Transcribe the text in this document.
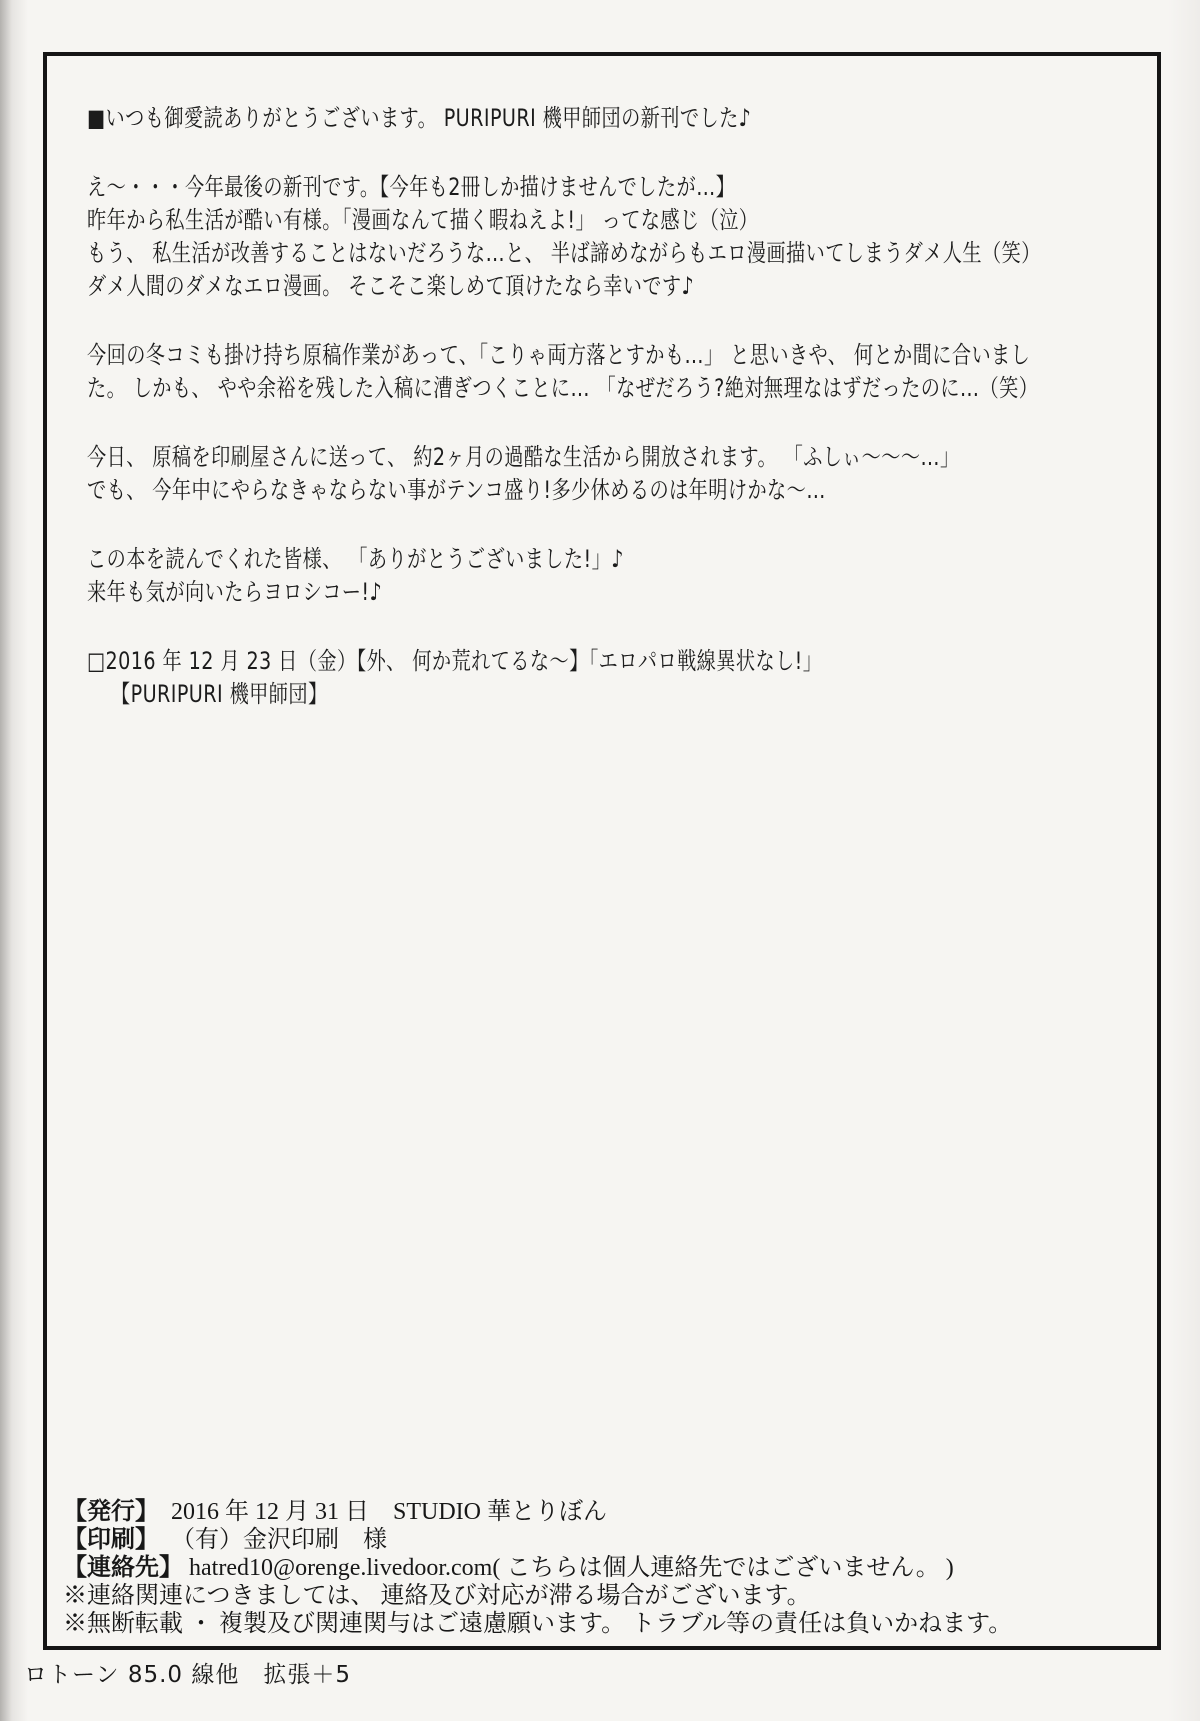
■いつも御愛読ありがとうございます。 PURIPURI 機甲師団の新刊でした♪
え〜・・・今年最後の新刊です。【今年も2冊しか描けませんでしたが…】
昨年から私生活が酷い有様。「漫画なんて描く暇ねえよ!」 ってな感じ（泣）
もう、 私生活が改善することはないだろうな…と、 半ば諦めながらもエロ漫画描いてしまうダメ人生（笑）
ダメ人間のダメなエロ漫画。 そこそこ楽しめて頂けたなら幸いです♪
今回の冬コミも掛け持ち原稿作業があって、「こりゃ両方落とすかも…」 と思いきや、 何とか間に合いまし
た。 しかも、 やや余裕を残した入稿に漕ぎつくことに… 「なぜだろう?絶対無理なはずだったのに…（笑）
今日、 原稿を印刷屋さんに送って、 約2ヶ月の過酷な生活から開放されます。 「ふしぃ〜〜〜…」
でも、 今年中にやらなきゃならない事がテンコ盛り!多少休めるのは年明けかな〜…
この本を読んでくれた皆様、 「ありがとうございました!」♪
来年も気が向いたらヨロシコー!♪
□2016 年 12 月 23 日（金）【外、 何か荒れてるな〜】「エロパロ戦線異状なし!」
【PURIPURI 機甲師団】
【発行】 2016 年 12 月 31 日　STUDIO 華とりぼん
【印刷】 （有）金沢印刷　様
【連絡先】 hatred10@orenge.livedoor.com( こちらは個人連絡先ではございません。 )
※連絡関連につきましては、 連絡及び対応が滞る場合がございます。
※無断転載 ・ 複製及び関連関与はご遠慮願います。 トラブル等の責任は負いかねます。
ロトーン 85.0 線他　拡張＋5
